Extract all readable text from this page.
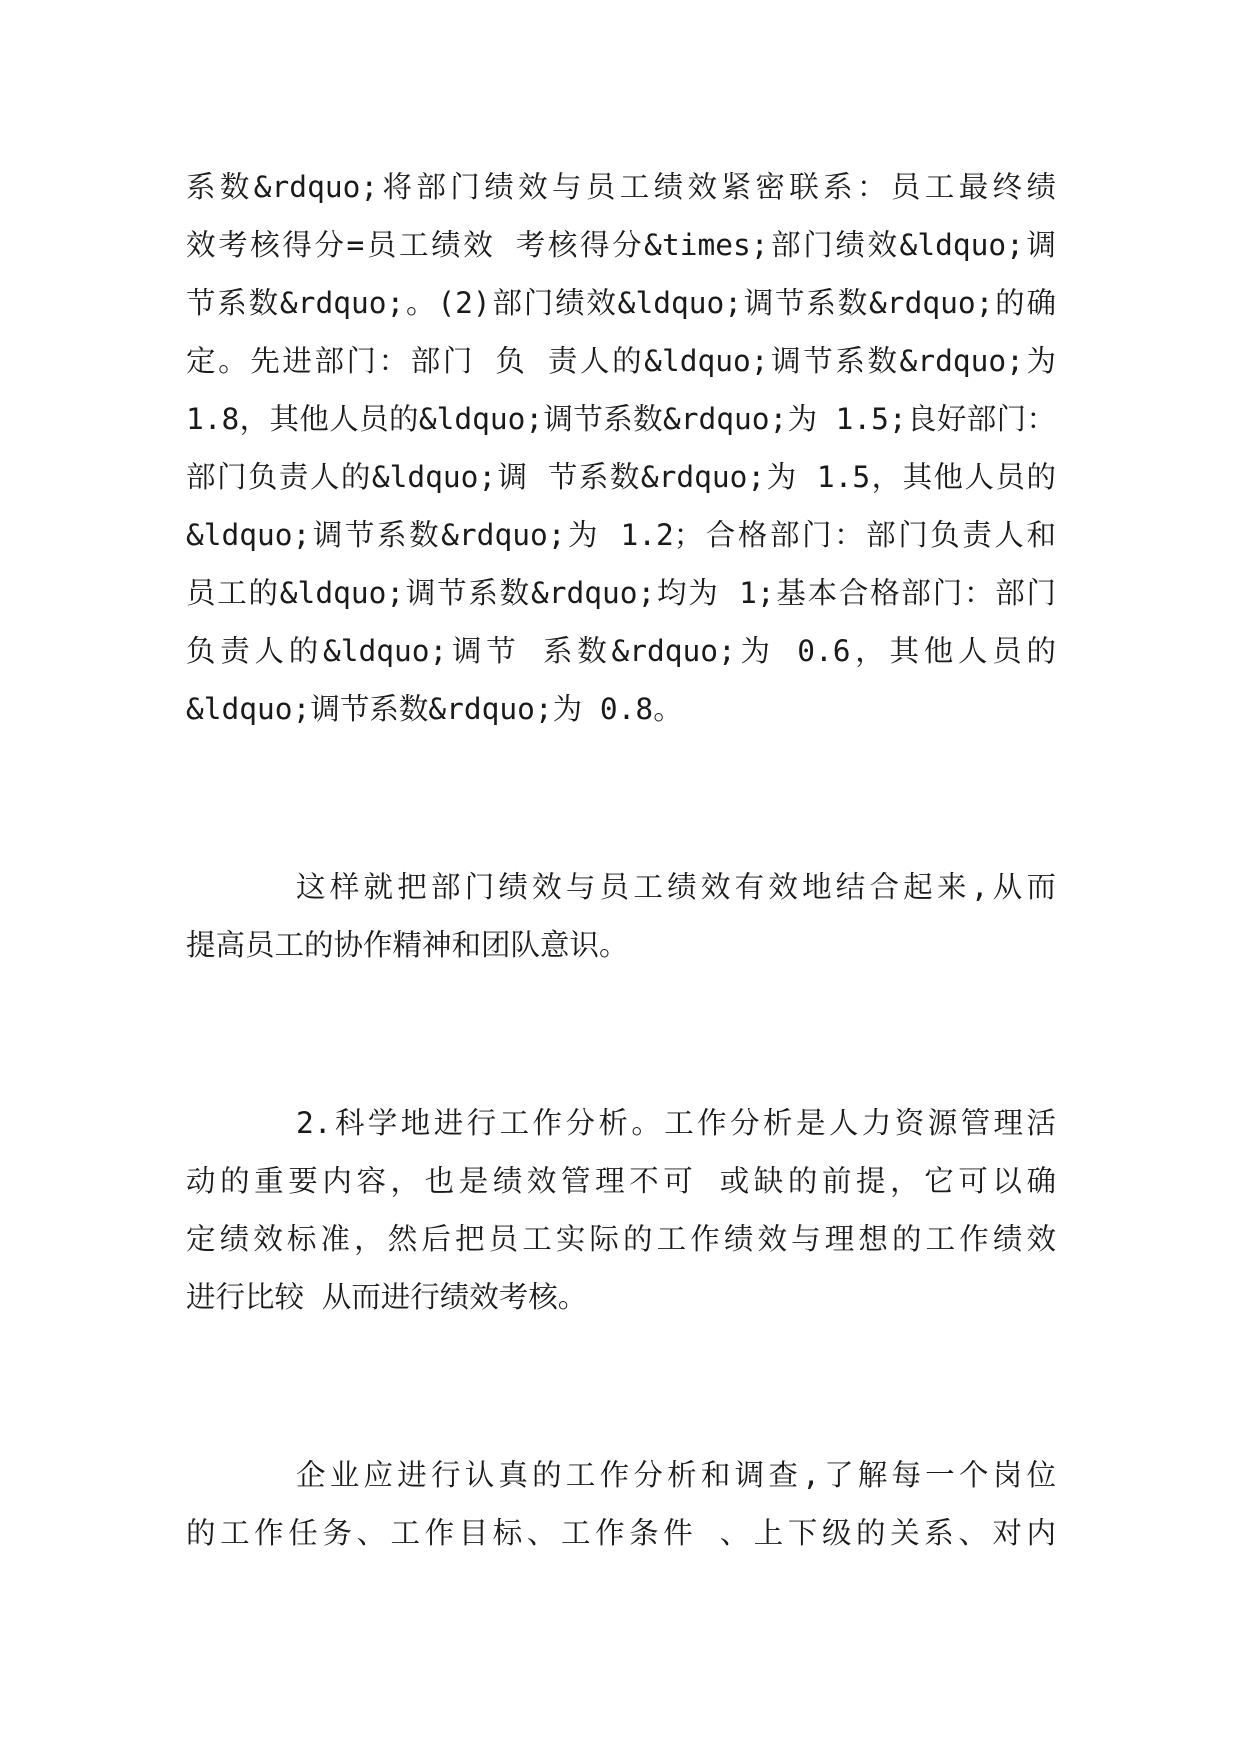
系数&rdquo;将部门绩效与员工绩效紧密联系：员工最终绩
效考核得分=员工绩效 考核得分&times;部门绩效&ldquo;调
节系数&rdquo;。(2)部门绩效&ldquo;调节系数&rdquo;的确
定。先进部门：部门 负 责人的&ldquo;调节系数&rdquo;为
1.8，其他人员的&ldquo;调节系数&rdquo;为 1.5;良好部门：
部门负责人的&ldquo;调 节系数&rdquo;为 1.5，其他人员的
&ldquo;调节系数&rdquo;为 1.2；合格部门：部门负责人和
员工的&ldquo;调节系数&rdquo;均为 1;基本合格部门：部门
负责人的&ldquo;调节 系数&rdquo;为 0.6，其他人员的
&ldquo;调节系数&rdquo;为 0.8。
这样就把部门绩效与员工绩效有效地结合起来,从而
提高员工的协作精神和团队意识。
2.科学地进行工作分析。工作分析是人力资源管理活
动的重要内容，也是绩效管理不可 或缺的前提，它可以确
定绩效标准，然后把员工实际的工作绩效与理想的工作绩效
进行比较 从而进行绩效考核。
企业应进行认真的工作分析和调查,了解每一个岗位
的工作任务、工作目标、工作条件 、上下级的关系、对内
